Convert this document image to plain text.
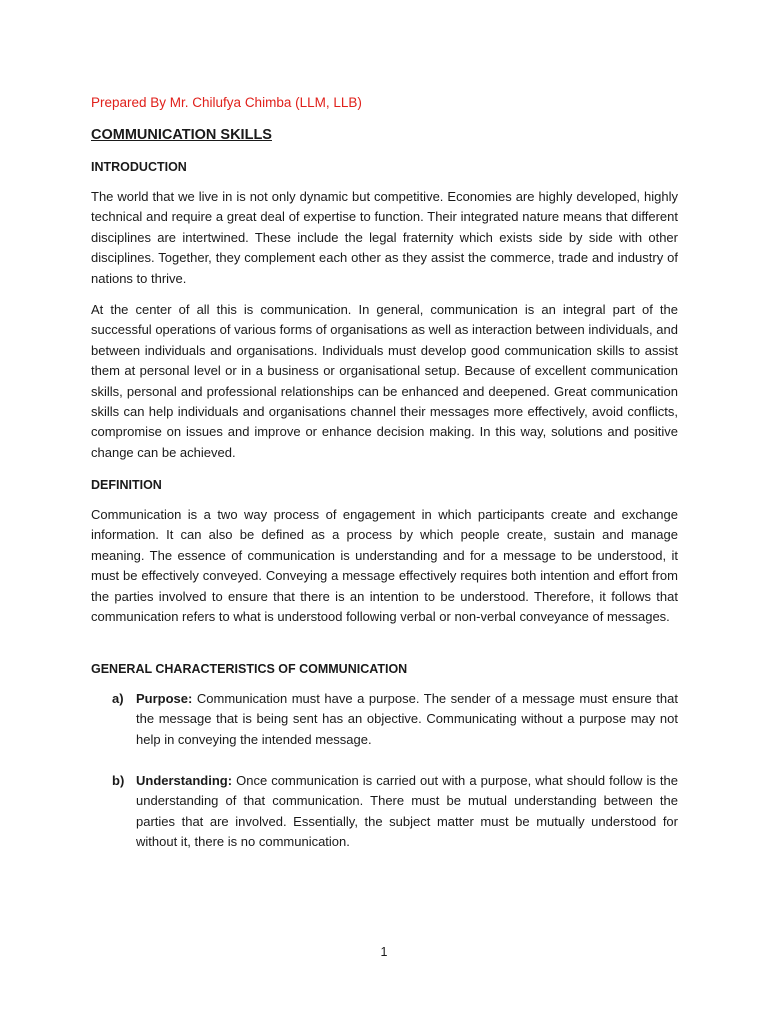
Prepared By Mr. Chilufya Chimba (LLM, LLB)
COMMUNICATION SKILLS
INTRODUCTION

The world that we live in is not only dynamic but competitive. Economies are highly developed, highly technical and require a great deal of expertise to function. Their integrated nature means that different disciplines are intertwined. These include the legal fraternity which exists side by side with other disciplines. Together, they complement each other as they assist the commerce, trade and industry of nations to thrive.

At the center of all this is communication. In general, communication is an integral part of the successful operations of various forms of organisations as well as interaction between individuals, and between individuals and organisations. Individuals must develop good communication skills to assist them at personal level or in a business or organisational setup. Because of excellent communication skills, personal and professional relationships can be enhanced and deepened. Great communication skills can help individuals and organisations channel their messages more effectively, avoid conflicts, compromise on issues and improve or enhance decision making. In this way, solutions and positive change can be achieved.

DEFINITION

Communication is a two way process of engagement in which participants create and exchange information. It can also be defined as a process by which people create, sustain and manage meaning. The essence of communication is understanding and for a message to be understood, it must be effectively conveyed. Conveying a message effectively requires both intention and effort from the parties involved to ensure that there is an intention to be understood. Therefore, it follows that communication refers to what is understood following verbal or non-verbal conveyance of messages.

GENERAL CHARACTERISTICS OF COMMUNICATION
a) Purpose: Communication must have a purpose. The sender of a message must ensure that the message that is being sent has an objective. Communicating without a purpose may not help in conveying the intended message.

b) Understanding: Once communication is carried out with a purpose, what should follow is the understanding of that communication. There must be mutual understanding between the parties that are involved. Essentially, the subject matter must be mutually understood for without it, there is no communication.

1
